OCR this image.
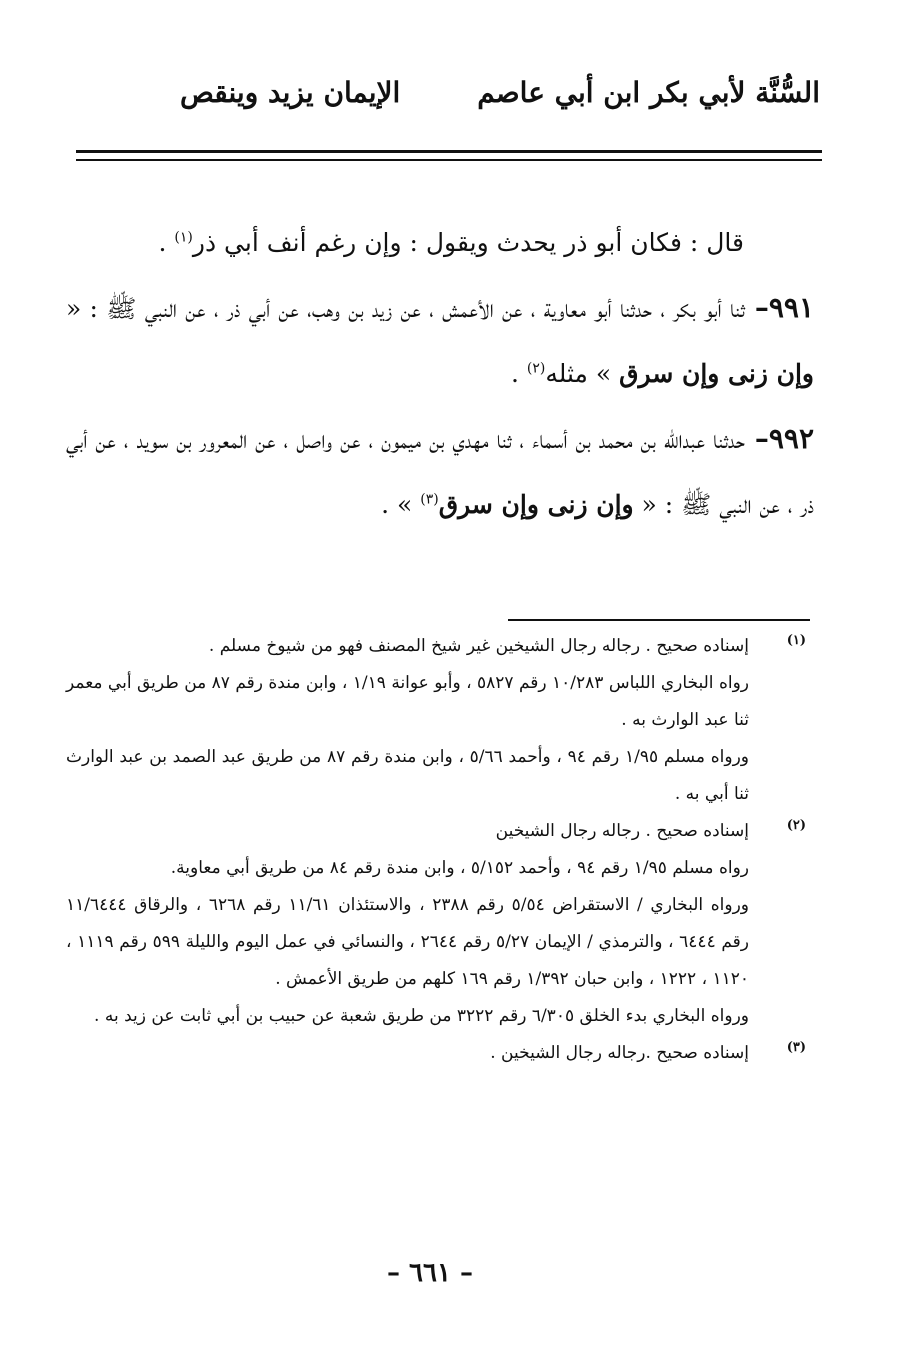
السُّنَّة لأبي بكر ابن أبي عاصم
الإيمان يزيد وينقص

قال : فكان أبو ذر يحدث ويقول : وإن رغم أنف أبي ذر$^{(١)}$ .

٩٩١– ثنا أبو بكر ، حدثنا أبو معاوية ، عن الأعمش ، عن زيد بن وهب، عن أبي ذر ، عن النبي ﷺ : « وإن زنى وإن سرق » مثله$^{(٢)}$ .

٩٩٢– حدثنا عبدالله بن محمد بن أسماء ، ثنا مهدي بن ميمون ، عن واصل ، عن المعرور بن سويد ، عن أبي ذر ، عن النبي ﷺ : « وإن زنى وإن سرق$^{(٣)}$ » .

(١)
إسناده صحيح . رجاله رجال الشيخين غير شيخ المصنف فهو من شيوخ مسلم .
رواه البخاري اللباس ١٠/٢٨٣ رقم ٥٨٢٧ ، وأبو عوانة ١/١٩ ، وابن مندة رقم ٨٧ من طريق أبي معمر ثنا عبد الوارث به .
ورواه مسلم ١/٩٥ رقم ٩٤ ، وأحمد ٥/٦٦ ، وابن مندة رقم ٨٧ من طريق عبد الصمد بن عبد الوارث ثنا أبي به .
(٢)
إسناده صحيح . رجاله رجال الشيخين
رواه مسلم ١/٩٥ رقم ٩٤ ، وأحمد ٥/١٥٢ ، وابن مندة رقم ٨٤ من طريق أبي معاوية.
ورواه البخاري / الاستقراض ٥/٥٤ رقم ٢٣٨٨ ، والاستئذان ١١/٦١ رقم ٦٢٦٨ ، والرقاق ١١/٦٤٤٤ رقم ٦٤٤٤ ، والترمذي / الإيمان ٥/٢٧ رقم ٢٦٤٤ ، والنسائي في عمل اليوم والليلة ٥٩٩ رقم ١١١٩ ، ١١٢٠ ، ١٢٢٢ ، وابن حبان ١/٣٩٢ رقم ١٦٩ كلهم من طريق الأعمش .
ورواه البخاري بدء الخلق ٦/٣٠٥ رقم ٣٢٢٢ من طريق شعبة عن حبيب بن أبي ثابت عن زيد به .
(٣)
إسناده صحيح .رجاله رجال الشيخين .
– ٦٦١ –
